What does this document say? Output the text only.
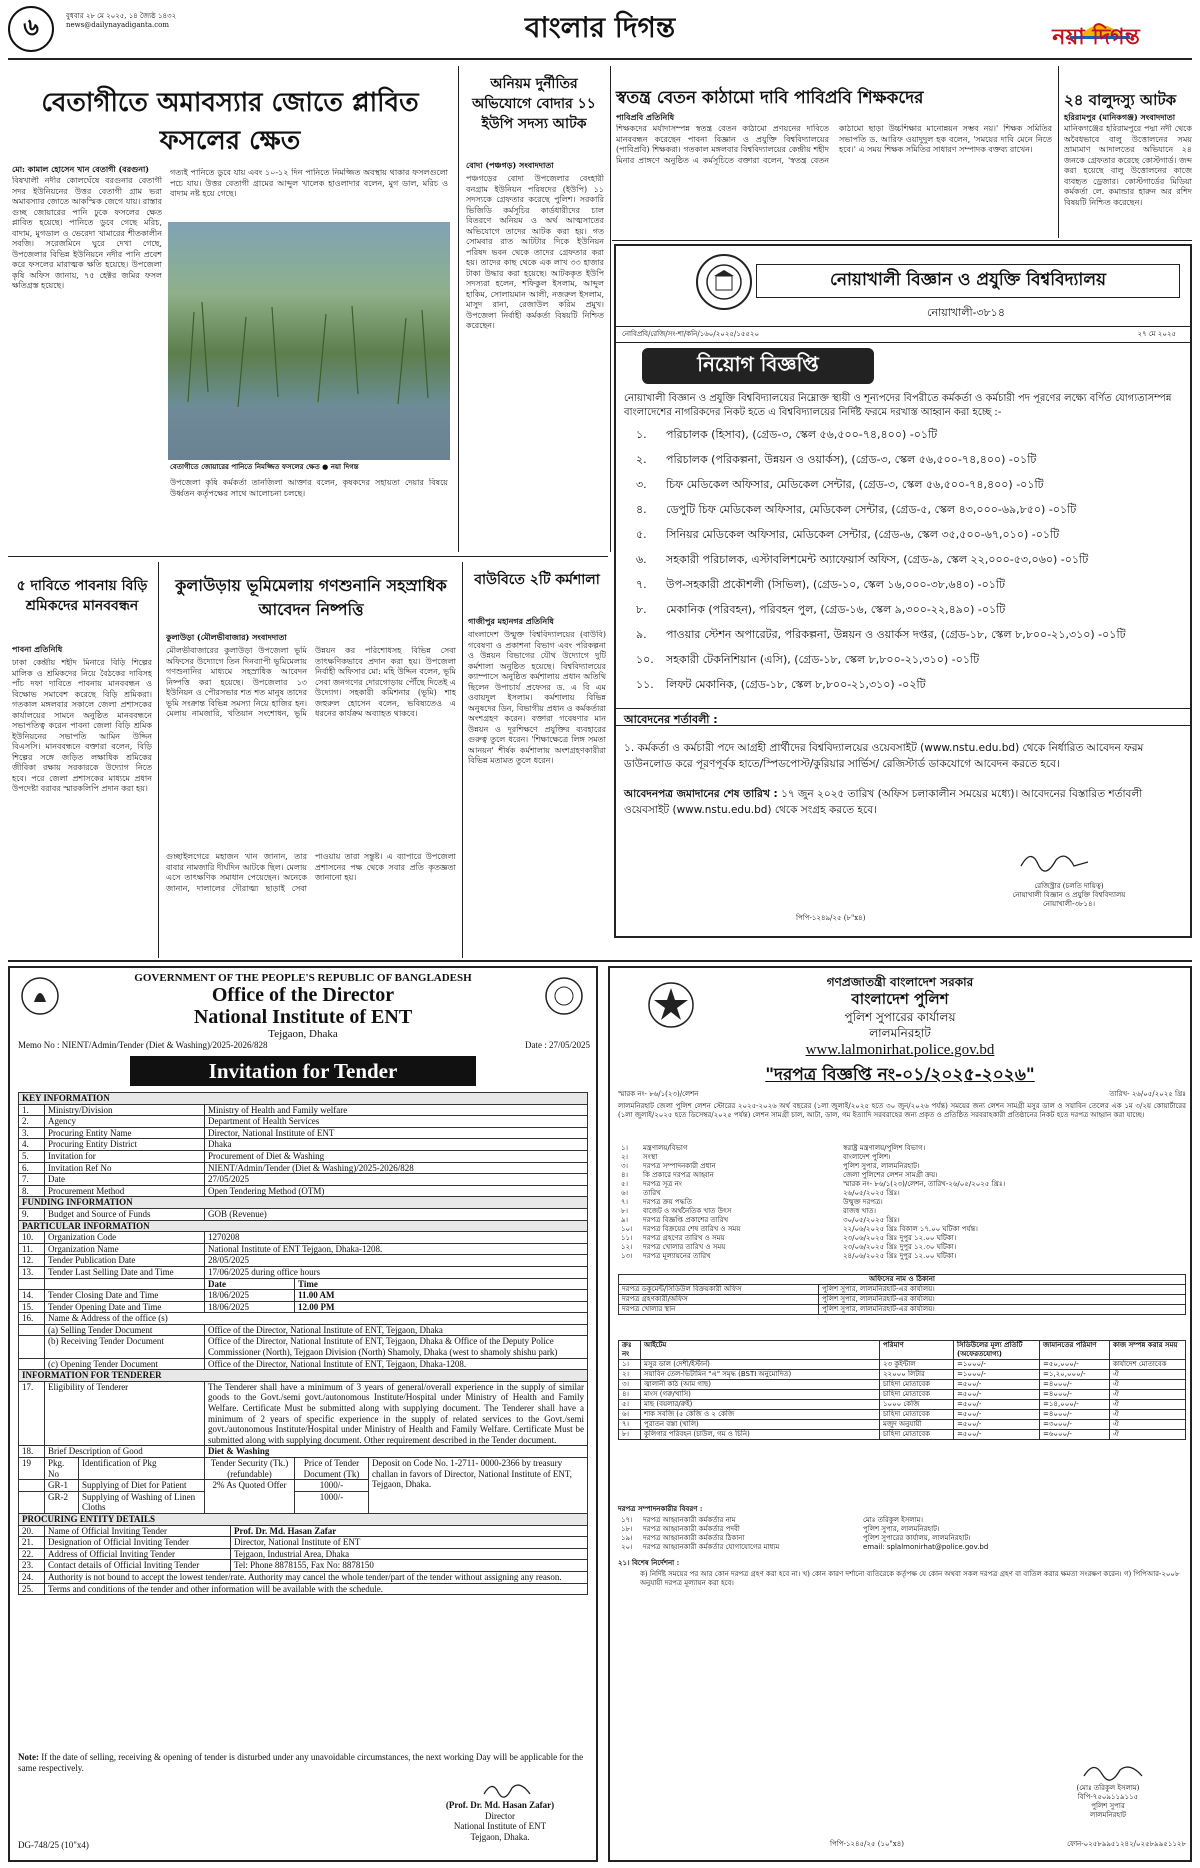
৬	বুধবার ২৮ মে ২০২৫, ১৪ জ্যৈষ্ঠ ১৪৩২
news@dailynayadiganta.com	বাংলার দিগন্ত	নয়া দিগন্ত
বেতাগীতে অমাবস্যার জোতে প্লাবিত ফসলের ক্ষেত
মো: কামাল হোসেন খান বেতাগী (বরগুনা)
বিষখালী নদীর কোলঘেঁষে বরগুনার বেতাগী সদর ইউনিয়নের উত্তর বেতাগী গ্রাম ভরা অমাবস্যার জোতে আকস্মিক জেগে যায়। রাস্তার গুচ্ছ জোয়ারের পানি ঢুকে ফসলের ক্ষেত প্লাবিত হয়েছে। পানিতে ডুবে গেছে মরিচ, বাদাম, মুগডাল ও ভেরেদা খামারের শীতকালীন সবজি। সরেজমিনে ঘুরে দেখা গেছে, উপজেলার বিভিন্ন ইউনিয়নে নদীর পানি প্রবেশ করে ফসলের মারাত্মক ক্ষতি হয়েছে। উপজেলা কৃষি অফিস জানায়, ৭৫ হেক্টর জমির ফসল ক্ষতিগ্রস্ত হয়েছে।
গত্যই পানিতে ডুবে যায় এবং ১০-১২ দিন পানিতে নিমজ্জিত অবস্থায় থাকার ফসলগুলো পচে যায়। উত্তর বেতাগী গ্রামের আব্দুল খালেক হাওলাদার বলেন, মুগ ডাল, মরিচ ও বাদাম নষ্ট হয়ে গেছে।
বেতাগীতে জোয়ারের পানিতে নিমজ্জিত ফসলের ক্ষেত ● নয়া দিগন্ত
উপজেলা কৃষি কর্মকর্তা তানজিলা আক্তার বলেন, কৃষকদের সহায়তা দেয়ার বিষয়ে উর্ধ্বতন কর্তৃপক্ষের সাথে আলোচনা চলছে।
অনিয়ম দুর্নীতির অভিযোগে বোদার ১১ ইউপি সদস্য আটক
বোদা (পঞ্চগড়) সংবাদদাতা
পঞ্চগড়ের বোদা উপজেলার বেংহারী বনগ্রাম ইউনিয়ন পরিষদের (ইউপি) ১১ সদস্যকে গ্রেফতার করেছে পুলিশ। সরকারি ভিজিডি কর্মসূচির কার্ডধারীদের চাল বিতরণে অনিয়ম ও অর্থ আত্মসাতের অভিযোগে তাদের আটক করা হয়। গত সোমবার রাত আটটার দিকে ইউনিয়ন পরিষদ ভবন থেকে তাদের গ্রেফতার করা হয়। তাদের কাছ থেকে এক লাখ ৩৩ হাজার টাকা উদ্ধার করা হয়েছে। আটককৃত ইউপি সদস্যরা হলেন, শফিকুল ইসলাম, আব্দুল হাকিম, সোলায়মান আলী, নজরুল ইসলাম, মাসুদ রানা, রেজাউল করিম প্রমুখ। উপজেলা নির্বাহী কর্মকর্তা বিষয়টি নিশ্চিত করেছেন।
স্বতন্ত্র বেতন কাঠামো দাবি পাবিপ্রবি শিক্ষকদের
পাবিপ্রবি প্রতিনিধি
শিক্ষকদের মর্যাদাসম্পন্ন স্বতন্ত্র বেতন কাঠামো প্রণয়নের দাবিতে মানববন্ধন করেছেন পাবনা বিজ্ঞান ও প্রযুক্তি বিশ্ববিদ্যালয়ের (পাবিপ্রবি) শিক্ষকরা। গতকাল মঙ্গলবার বিশ্ববিদ্যালয়ের কেন্দ্রীয় শহীদ মিনার প্রাঙ্গণে অনুষ্ঠিত এ কর্মসূচিতে বক্তারা বলেন, 'স্বতন্ত্র বেতন কাঠামো ছাড়া উচ্চশিক্ষার মানোন্নয়ন সম্ভব নয়।' শিক্ষক সমিতির সভাপতি ড. আরিফ ওয়াদুদুল হক বলেন, 'সময়ের দাবি মেনে নিতে হবে।' এ সময় শিক্ষক সমিতির সাধারণ সম্পাদক বক্তব্য রাখেন।
২৪ বালুদস্যু আটক
হরিরামপুর (মানিকগঞ্জ) সংবাদদাতা
মানিকগঞ্জের হরিরামপুরে পদ্মা নদী থেকে অবৈধভাবে বালু উত্তোলনের সময় ভ্রাম্যমাণ আদালতের অভিযানে ২৪ জনকে গ্রেফতার করেছে কোস্টগার্ড। জব্দ করা হয়েছে বালু উত্তোলনের কাজে ব্যবহৃত ড্রেজার। কোস্টগার্ডের মিডিয়া কর্মকর্তা লে. কমান্ডার হারুন অর রশিদ বিষয়টি নিশ্চিত করেছেন।
নোয়াখালী বিজ্ঞান ও প্রযুক্তি বিশ্ববিদ্যালয়
নোয়াখালী-৩৮১৪
নোবিপ্রবি/রেজি/সং-শা/কনি/১৬০/২০২৫/১৫৫২০	২৭ মে ২০২৫
নিয়োগ বিজ্ঞপ্তি
নোয়াখালী বিজ্ঞান ও প্রযুক্তি বিশ্ববিদ্যালয়ের নিম্নোক্ত স্থায়ী ও শূন্যপদের বিপরীতে কর্মকর্তা ও কর্মচারী পদ পূরণের লক্ষ্যে বর্ণিত যোগ্যতাসম্পন্ন বাংলাদেশের নাগরিকদের নিকট হতে এ বিশ্ববিদ্যালয়ের নির্দিষ্ট ফরমে দরখাস্ত আহ্বান করা হচ্ছে :-
১. পরিচালক (হিসাব), (গ্রেড-৩, স্কেল ৫৬,৫০০-৭৪,৪০০) -০১টি
২. পরিচালক (পরিকল্পনা, উন্নয়ন ও ওয়ার্কস), (গ্রেড-৩, স্কেল ৫৬,৫০০-৭৪,৪০০) -০১টি
৩. চিফ মেডিকেল অফিসার, মেডিকেল সেন্টার, (গ্রেড-৩, স্কেল ৫৬,৫০০-৭৪,৪০০) -০১টি
৪. ডেপুটি চিফ মেডিকেল অফিসার, মেডিকেল সেন্টার, (গ্রেড-৫, স্কেল ৪৩,০০০-৬৯,৮৫০) -০১টি
৫. সিনিয়র মেডিকেল অফিসার, মেডিকেল সেন্টার, (গ্রেড-৬, স্কেল ৩৫,৫০০-৬৭,০১০) -০১টি
৬. সহকারী পরিচালক, এস্টাবলিশমেন্ট অ্যাফেয়ার্স অফিস, (গ্রেড-৯, স্কেল ২২,০০০-৫৩,০৬০) -০১টি
৭. উপ-সহকারী প্রকৌশলী (সিভিল), (গ্রেড-১০, স্কেল ১৬,০০০-৩৮,৬৪০) -০১টি
৮. মেকানিক (পরিবহন), পরিবহন পুল, (গ্রেড-১৬, স্কেল ৯,৩০০-২২,৪৯০) -০১টি
৯. পাওয়ার স্টেশন অপারেটর, পরিকল্পনা, উন্নয়ন ও ওয়ার্কস দপ্তর, (গ্রেড-১৮, স্কেল ৮,৮০০-২১,৩১০) -০১টি
১০. সহকারী টেকনিশিয়ান (এসি), (গ্রেড-১৮, স্কেল ৮,৮০০-২১,৩১০) -০১টি
১১. লিফট মেকানিক, (গ্রেড-১৮, স্কেল ৮,৮০০-২১,৩১০) -০২টি
আবেদনের শর্তাবলী :
১. কর্মকর্তা ও কর্মচারী পদে আগ্রহী প্রার্থীদের বিশ্ববিদ্যালয়ের ওয়েবসাইট (www.nstu.edu.bd) থেকে নির্ধারিত আবেদন ফরম ডাউনলোড করে পূরণপূর্বক হাতে/স্পিডপোস্ট/কুরিয়ার সার্ভিস/ রেজিস্টার্ড ডাকযোগে আবেদন করতে হবে।
আবেদনপত্র জমাদানের শেষ তারিখ : ১৭ জুন ২০২৫ তারিখ (অফিস চলাকালীন সময়ের মধ্যে)। আবেদনের বিস্তারিত শর্তাবলী ওয়েবসাইট (www.nstu.edu.bd) থেকে সংগ্রহ করতে হবে।
রেজিস্ট্রার (চলতি দায়িত্ব)
নোয়াখালী বিজ্ঞান ও প্রযুক্তি বিশ্ববিদ্যালয়
নোয়াখালী-৩৮১৪।
পিপি-১২৪৯/২৫ (৮"x৪)
৫ দাবিতে পাবনায় বিড়ি শ্রমিকদের মানববন্ধন
পাবনা প্রতিনিধি
ঢাকা কেন্দ্রীয় শহীদ মিনারে বিড়ি শিল্পের মালিক ও শ্রমিকদের নিয়ে বৈঠকের দাবিসহ পাঁচ দফা দাবিতে পাবনায় মানববন্ধন ও বিক্ষোভ সমাবেশ করেছে বিড়ি শ্রমিকরা। গতকাল মঙ্গলবার সকালে জেলা প্রশাসকের কার্যালয়ের সামনে অনুষ্ঠিত মানববন্ধনে সভাপতিত্ব করেন পাবনা জেলা বিড়ি শ্রমিক ইউনিয়নের সভাপতি আমিন উদ্দিন বিএসসি। মানববন্ধনে বক্তারা বলেন, বিড়ি শিল্পের সঙ্গে জড়িত লক্ষাধিক শ্রমিকের জীবিকা রক্ষায় সরকারকে উদ্যোগ নিতে হবে। পরে জেলা প্রশাসকের মাধ্যমে প্রধান উপদেষ্টা বরাবর স্মারকলিপি প্রদান করা হয়।
কুলাউড়ায় ভূমিমেলায় গণশুনানি সহস্রাধিক আবেদন নিষ্পত্তি
কুলাউড়া (মৌলভীবাজার) সংবাদদাতা
মৌলভীবাজারের কুলাউড়া উপজেলা ভূমি অফিসের উদ্যোগে তিন দিনব্যাপী ভূমিমেলায় গণশুনানির মাধ্যমে সহস্রাধিক আবেদন নিষ্পত্তি করা হয়েছে। উপজেলার ১৩ ইউনিয়ন ও পৌরসভার শত শত মানুষ তাদের ভূমি সংক্রান্ত বিভিন্ন সমস্যা নিয়ে হাজির হন। মেলায় নামজারি, খতিয়ান সংশোধন, ভূমি উন্নয়ন কর পরিশোধসহ বিভিন্ন সেবা তাৎক্ষণিকভাবে প্রদান করা হয়। উপজেলা নির্বাহী অফিসার মো: মহি উদ্দিন বলেন, ভূমি সেবা জনগণের দোরগোড়ায় পৌঁছে দিতেই এ উদ্যোগ। সহকারী কমিশনার (ভূমি) শাহ জহুরুল হোসেন বলেন, ভবিষ্যতেও এ ধরনের কার্যক্রম অব্যাহত থাকবে।
গুচ্ছাইলগেরে মহাজন খান জানান, তার বাবার নামজারি দীর্ঘদিন আটকে ছিল। মেলায় এসে তাৎক্ষণিক সমাধান পেয়েছেন। অনেকে জানান, দালালের দৌরাত্ম্য ছাড়াই সেবা পাওয়ায় তারা সন্তুষ্ট। এ ব্যাপারে উপজেলা প্রশাসনের পক্ষ থেকে সবার প্রতি কৃতজ্ঞতা জানানো হয়।
বাউবিতে ২টি কর্মশালা
গাজীপুর মহানগর প্রতিনিধি
বাংলাদেশ উন্মুক্ত বিশ্ববিদ্যালয়ের (বাউবি) গবেষণা ও প্রকাশনা বিভাগ এবং পরিকল্পনা ও উন্নয়ন বিভাগের যৌথ উদ্যোগে দুটি কর্মশালা অনুষ্ঠিত হয়েছে। বিশ্ববিদ্যালয়ের ক্যাম্পাসে অনুষ্ঠিত কর্মশালায় প্রধান অতিথি ছিলেন উপাচার্য প্রফেসর ড. এ বি এম ওবায়দুল ইসলাম। কর্মশালায় বিভিন্ন অনুষদের ডিন, বিভাগীয় প্রধান ও কর্মকর্তারা অংশগ্রহণ করেন। বক্তারা গবেষণার মান উন্নয়ন ও দূরশিক্ষণে প্রযুক্তির ব্যবহারের গুরুত্ব তুলে ধরেন। 'শিক্ষাক্ষেত্রে লিঙ্গ সমতা আনয়ন' শীর্ষক কর্মশালায় অংশগ্রহণকারীরা বিভিন্ন মতামত তুলে ধরেন।
GOVERNMENT OF THE PEOPLE'S REPUBLIC OF BANGLADESH
Office of the Director
National Institute of ENT
Tejgaon, Dhaka
Memo No : NIENT/Admin/Tender (Diet & Washing)/2025-2026/828	Date : 27/05/2025
Invitation for Tender
KEY INFORMATION		
1.	Ministry/Division	Ministry of Health and Family welfare
2.	Agency	Department of Health Services
3.	Procuring Entity Name	Director, National Institute of ENT
4.	Procuring Entity District	Dhaka
5.	Invitation for	Procurement of Diet & Washing
6.	Invitation Ref No	NIENT/Admin/Tender (Diet & Washing)/2025-2026/828
7.	Date	27/05/2025
8.	Procurement Method	Open Tendering Method (OTM)
FUNDING INFORMATION		
9.	Budget and Source of Funds	GOB (Revenue)
PARTICULAR INFORMATION		
10.	Organization Code	1270208
11.	Organization Name	National Institute of ENT Tejgaon, Dhaka-1208.
12.	Tender Publication Date	28/05/2025
13.	Tender Last Selling Date and Time	17/06/2025 during office hours
		Date	Time
14.	Tender Closing Date and Time	18/06/2025	11.00 AM
15.	Tender Opening Date and Time	18/06/2025	12.00 PM
16.	Name & Address of the office (s)	
	(a) Selling Tender Document	Office of the Director, National Institute of ENT, Tejgaon, Dhaka
	(b) Receiving Tender Document	Office of the Director, National Institute of ENT, Tejgaon, Dhaka & Office of the Deputy Police Commissioner (North), Tejgaon Division (North) Shamoly, Dhaka (west to shamoly shishu park)
	(c) Opening Tender Document	Office of the Director, National Institute of ENT, Tejgaon, Dhaka-1208.
INFORMATION FOR TENDERER		
17.	Eligibility of Tenderer	The Tenderer shall have a minimum of 3 years of general/overall experience in the supply of similar goods to the Govt./semi govt./autonomous Institute/Hospital under Ministry of Health and Family Welfare. Certificate Must be submitted along with supplying document. The Tenderer shall have a minimum of 2 years of specific experience in the supply of related services to the Govt./semi govt./autonomous Institute/Hospital under Ministry of Health and Family Welfare. Certificate Must be submitted along with supplying document. Other requirement described in the Tender document.
18.	Brief Description of Good	Diet & Washing
19	Pkg. No	Identification of Pkg	Tender Security (Tk.) (refundable)	Price of Tender Document (Tk)	Deposit on Code No. 1-2711- 0000-2366 by treasury challan in favors of Director, National Institute of ENT, Tejgaon, Dhaka.
	GR-1	Supplying of Diet for Patient	2% As Quoted Offer	1000/-	
	GR-2	Supplying of Washing of Linen Cloths		1000/-	
PROCURING ENTITY DETAILS		
20.	Name of Official Inviting Tender	Prof. Dr. Md. Hasan Zafar
21.	Designation of Official Inviting Tender	Director, National Institute of ENT
22.	Address of Official Inviting Tender	Tejgaon, Industrial Area, Dhaka
23.	Contact details of Official Inviting Tender	Tel: Phone 8878155, Fax No: 8878150
24.	Authority is not bound to accept the lowest tender/rate. Authority may cancel the whole tender/part of the tender without assigning any reason.	
25.	Terms and conditions of the tender and other information will be available with the schedule.	
Note: If the date of selling, receiving & opening of tender is disturbed under any unavoidable circumstances, the next working Day will be applicable for the same respectively.
(Prof. Dr. Md. Hasan Zafar)
Director
National Institute of ENT
Tejgaon, Dhaka.
DG-748/25 (10"x4)
গণপ্রজাতন্ত্রী বাংলাদেশ সরকার
বাংলাদেশ পুলিশ
পুলিশ সুপারের কার্যালয়
লালমনিরহাট
www.lalmonirhat.police.gov.bd
"দরপত্র বিজ্ঞপ্তি নং-০১/২০২৫-২০২৬"
স্মারক নং- ৮৬/১(২৩)/লেশন	তারিখ- ২৬/০৫/২০২৫ খ্রিঃ
লালমনিরহাট জেলা পুলিশ লেশন স্টোরের ২০২৫-২০২৬ অর্থ বছরের (১লা জুলাই/২০২৫ হতে ৩০ জুন/২০২৬ পর্যন্ত) সময়ের জন্য লেশন সামগ্রী মসুর ডাল ও সয়াবিন তেলের এক ১ম ৩/২য় কোয়ার্টারের (১লা জুলাই/২০২৫ হতে ডিসেম্বর/২০২৫ পর্যন্ত) লেশন সামগ্রী চাল, আটা, ডাল, গম ইত্যাদি সরবরাহের জন্য প্রকৃত ও প্রতিষ্ঠিত সরবরাহকারী প্রতিষ্ঠানের নিকট হতে দরপত্র আহ্বান করা যাচ্ছে।
১।	মন্ত্রণালয়/বিভাগ	স্বরাষ্ট্র মন্ত্রণালয়/পুলিশ বিভাগ।
২।	সংস্থা	বাংলাদেশ পুলিশ।
৩।	দরপত্র সম্পাদনকারী প্রধান	পুলিশ সুপার, লালমনিরহাট।
৪।	কি প্রকারে দরপত্র আহ্বান	জেলা পুলিশের লেশন সামগ্রী ক্রয়।
৫।	দরপত্র সূত্র নং	স্মারক নং- ৮৬/১(২৩)/লেশন, তারিখ-২৬/০৫/২০২৫ খ্রিঃ।
৬।	তারিখ	২৬/০৫/২০২৫ খ্রিঃ।
৭।	দরপত্র ক্রয় পদ্ধতি	উন্মুক্ত দরপত্র।
৮।	বাজেট ও অর্থনৈতিক খাত উৎস	রাজস্ব খাত।
৯।	দরপত্র বিজ্ঞপ্তি প্রকাশের তারিখ	৩০/০৫/২০২৫ খ্রিঃ।
১০।	দরপত্র বিক্রয়ের শেষ তারিখ ও সময়	২২/০৬/২০২৫ খ্রিঃ বিকাল ১৭.০০ ঘটিকা পর্যন্ত।
১১।	দরপত্র গ্রহণের তারিখ ও সময়	২৩/০৬/২০২৫ খ্রিঃ দুপুর ১২.০০ ঘটিকা।
১২।	দরপত্র খোলার তারিখ ও সময়	২৩/০৬/২০২৫ খ্রিঃ দুপুর ১২.৩০ ঘটিকা।
১৩।	দরপত্র মূল্যায়নের তারিখ	২৪/০৬/২০২৫ খ্রিঃ দুপুর ১২.০০ ঘটিকা।
অফিসের নাম ও ঠিকানা	
দরপত্র ডকুমেন্ট/সিডিউল বিক্রয়কারী অফিস	পুলিশ সুপার, লালমনিরহাট-এর কার্যালয়।
দরপত্র গ্রহণকারী/অফিস	পুলিশ সুপার, লালমনিরহাট-এর কার্যালয়।
দরপত্র খোলার স্থান	পুলিশ সুপার, লালমনিরহাট-এর কার্যালয়।
ক্রঃ নং	আইটেম	পরিমাণ	সিডিউলের মূল্য প্রতিটি (অফেরতযোগ্য)	জামানতের পরিমাণ	কাজ সম্পন্ন করার সময়
১।	মসুর ডাল (দেশী/ইস্টার্ন)	২৩ কুইন্টাল	=১০০০/-	=৫০,০০০/-	কার্যাদেশ মোতাবেক
২।	সয়াবিন তেল-ভিটামিন "এ" সমৃদ্ধ (BSTI অনুমোদিত)	২২০০০ লিটার	=১০০০/-	=১,২০,০০০/-	ঐ
৩।	জ্বালানী কাঠ (আম গাছ)	চাহিদা মোতাবেক	=৫০০/-	=৪০০০/-	ঐ
৪।	মাংস (গরু/খাসি)	চাহিদা মোতাবেক	=৫০০/-	=৪০০০/-	ঐ
৫।	মাছ (বয়লার/রুই)	১০০০ কেজি	=৫০০/-	=১৪,০০০/-	ঐ
৬।	শাক সবজি (৫ কেজি ও ২ কেজি	চাহিদা মোতাবেক	=৫০০/-	=৪০০০/-	ঐ
৭।	পুরাতন বস্তা (খালি)	মজুদ অনুযায়ী	=৫০০/-	=৩০০০/-	ঐ
৮।	কুলিগার পরিবহন (চাউল, গম ও চিনি)	চাহিদা মোতাবেক	=৫০০/-	=৬০০০/-	ঐ
দরপত্র সম্পাদনকারীর বিবরণ :
১৭।	দরপত্র আহ্বানকারী কর্মকর্তার নাম	মোঃ তরিকুল ইসলাম।
১৮।	দরপত্র আহ্বানকারী কর্মকর্তার পদবী	পুলিশ সুপার, লালমনিরহাট।
১৯।	দরপত্র আহ্বানকারী কর্মকর্তার ঠিকানা	পুলিশ সুপারের কার্যালয়, লালমনিরহাট।
২০।	দরপত্র আহ্বানকারী কর্মকর্তার যোগাযোগের মাধ্যম	email: splalmonirhat@police.gov.bd
২১। বিশেষ নির্দেশনা :
ক) নির্দিষ্ট সময়ের পর আর কোন দরপত্র গ্রহণ করা হবে না। খ) কোন কারণ দর্শানো ব্যতিরেকে কর্তৃপক্ষ যে কোন অথবা সকল দরপত্র গ্রহণ বা বাতিল করার ক্ষমতা সংরক্ষণ করেন। গ) পিপিআর-২০০৮ অনুযায়ী দরপত্র মূল্যায়ন করা হবে।
(মোঃ তরিকুল ইসলাম)
বিপি-৭৫০৯১১৯১১৫
পুলিশ সুপার
লালমনিরহাট
পিপি-১২৪৫/২৫ (১০"x৪)	ফোন-০২৫৮৯৯৫১২৪২/০২৫৮৯৯৫১১২৮
